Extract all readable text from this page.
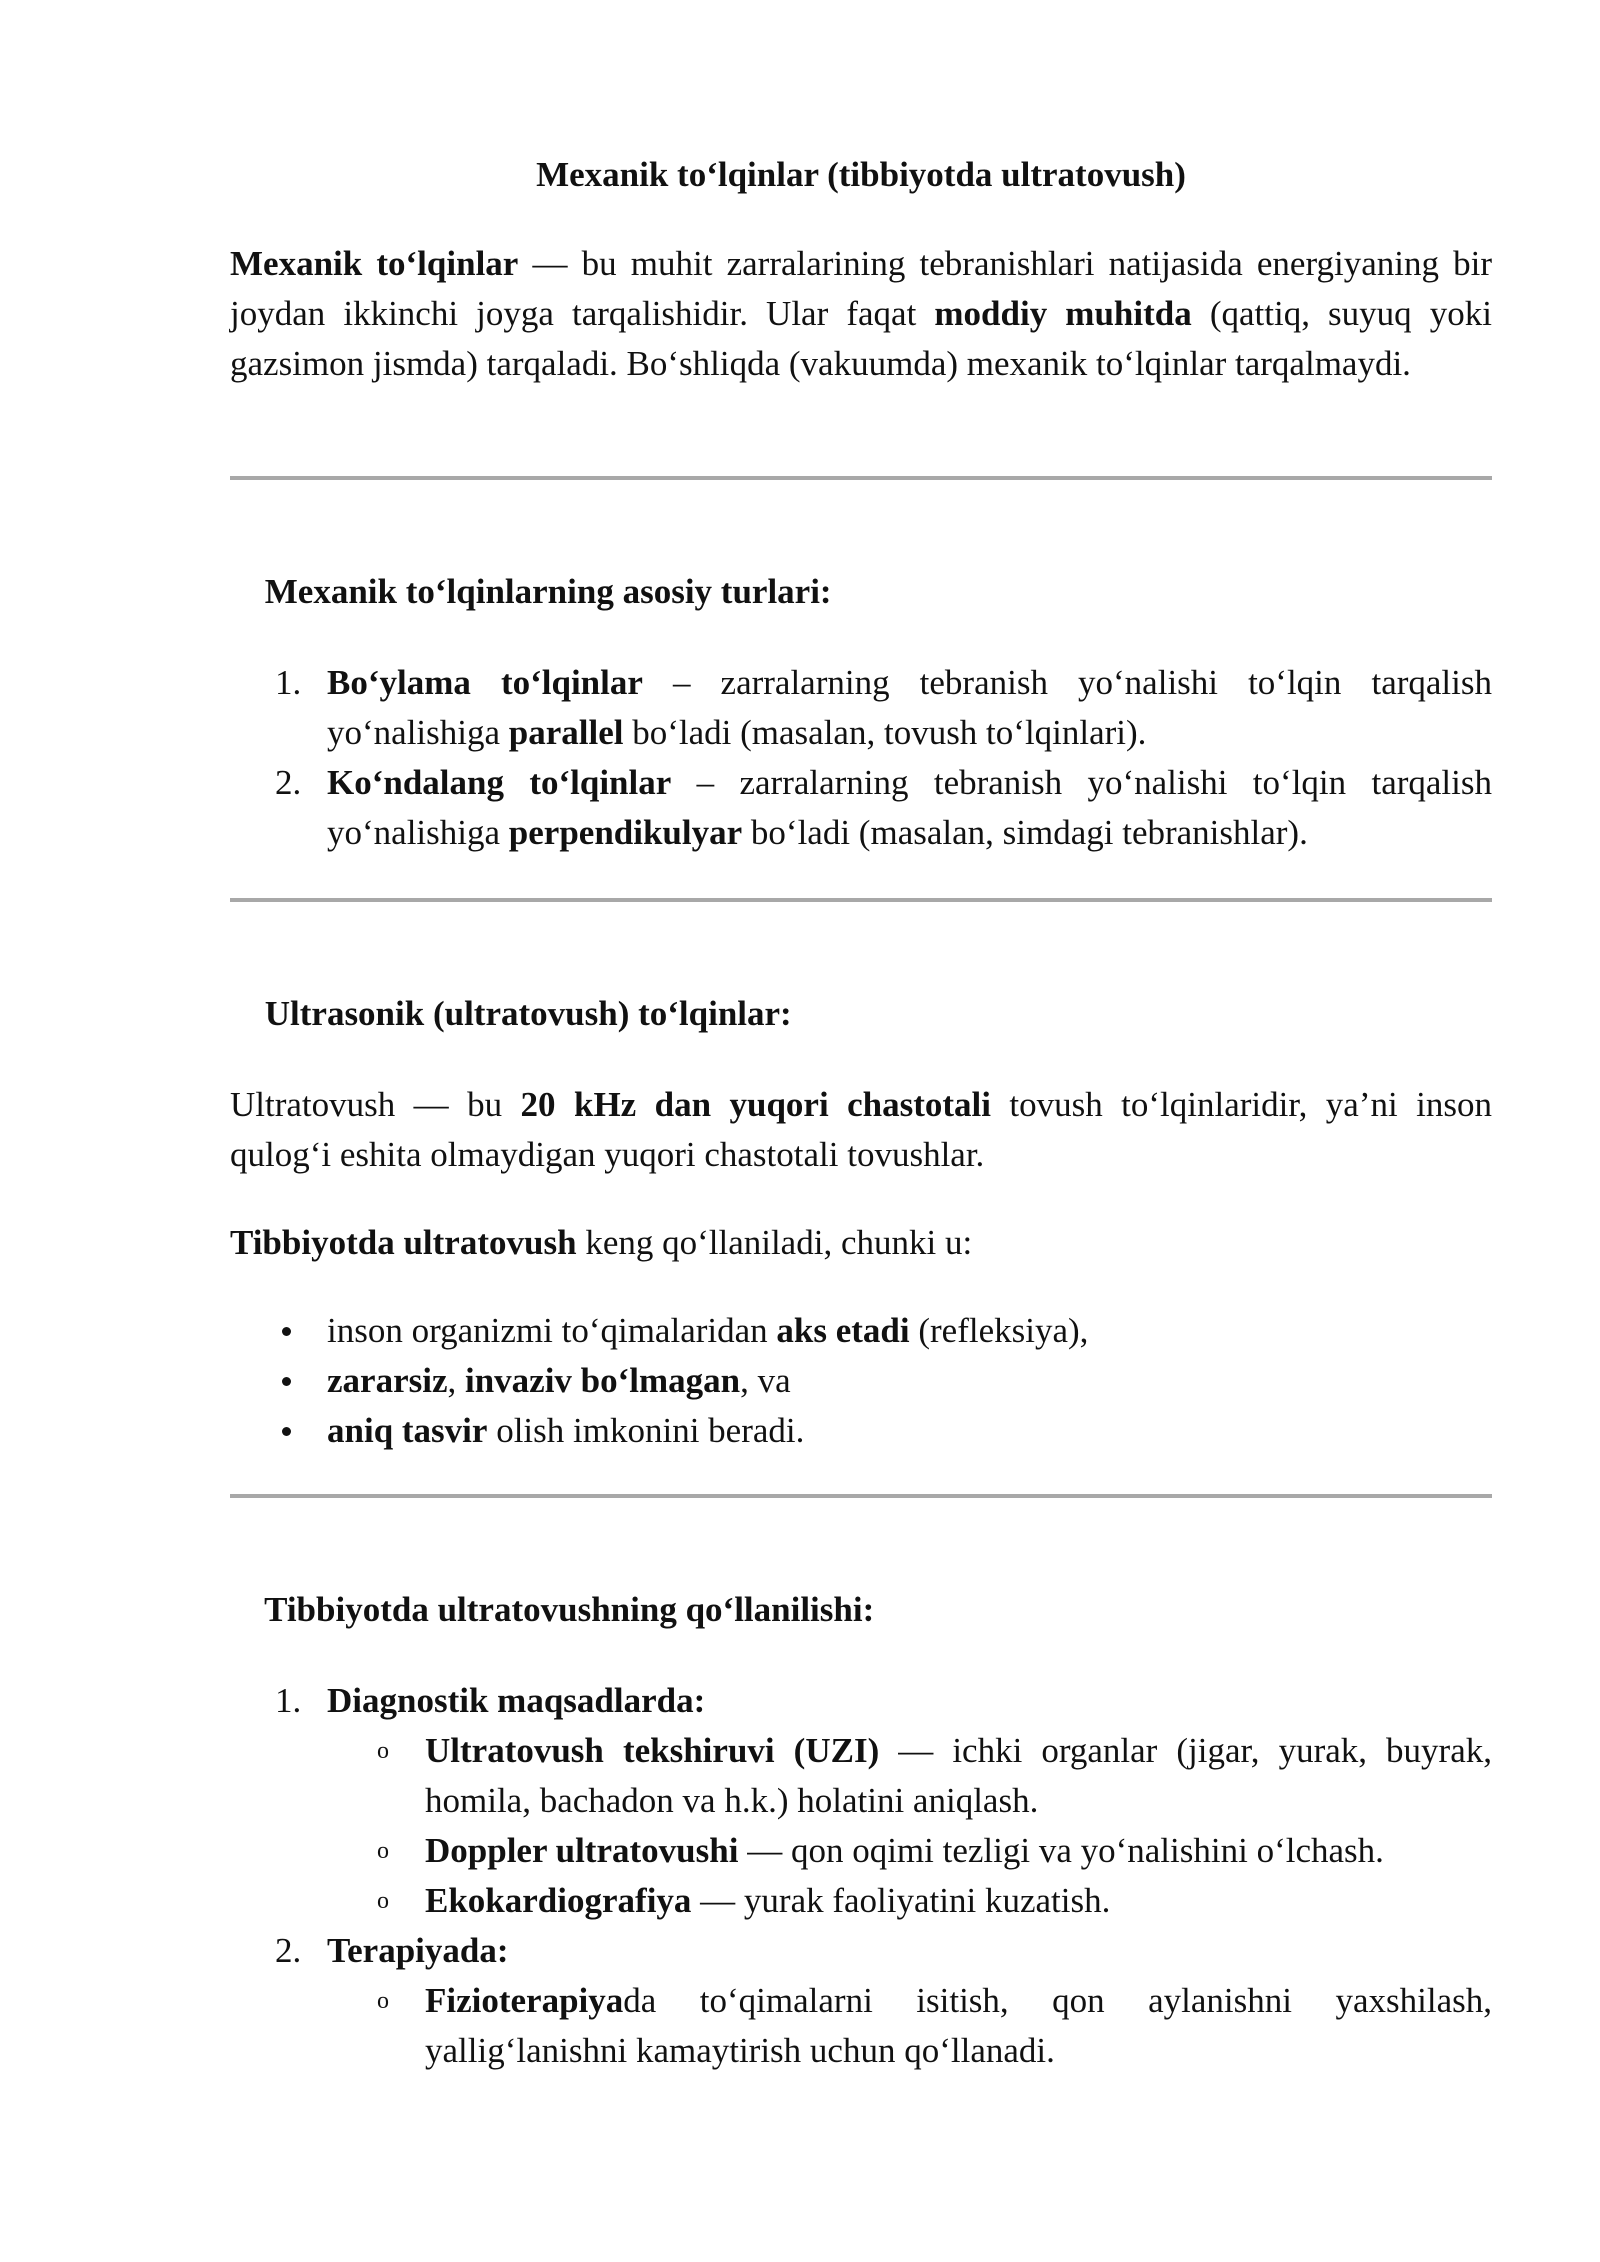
Mexanik to‘lqinlar (tibbiyotda ultratovush)
Mexanik to‘lqinlar — bu muhit zarralarining tebranishlari natijasida energiyaning bir joydan ikkinchi joyga tarqalishidir. Ular faqat moddiy muhitda (qattiq, suyuq yoki gazsimon jismda) tarqaladi. Bo‘shliqda (vakuumda) mexanik to‘lqinlar tarqalmaydi.
Mexanik to‘lqinlarning asosiy turlari:
1. Bo‘ylama to‘lqinlar – zarralarning tebranish yo‘nalishi to‘lqin tarqalish yo‘nalishiga parallel bo‘ladi (masalan, tovush to‘lqinlari).
2. Ko‘ndalang to‘lqinlar – zarralarning tebranish yo‘nalishi to‘lqin tarqalish yo‘nalishiga perpendikulyar bo‘ladi (masalan, simdagi tebranishlar).
Ultrasonik (ultratovush) to‘lqinlar:
Ultratovush — bu 20 kHz dan yuqori chastotali tovush to‘lqinlaridir, ya’ni inson qulog‘i eshita olmaydigan yuqori chastotali tovushlar.
Tibbiyotda ultratovush keng qo‘llaniladi, chunki u:
inson organizmi to‘qimalaridan aks etadi (refleksiya),
zararsiz, invaziv bo‘lmagan, va
aniq tasvir olish imkonini beradi.
Tibbiyotda ultratovushning qo‘llanilishi:
1. Diagnostik maqsadlarda:
o Ultratovush tekshiruvi (UZI) — ichki organlar (jigar, yurak, buyrak, homila, bachadon va h.k.) holatini aniqlash.
o Doppler ultratovushi — qon oqimi tezligi va yo‘nalishini o‘lchash.
o Ekokardiografiya — yurak faoliyatini kuzatish.
2. Terapiyada:
o Fizioterapiyada to‘qimalarni isitish, qon aylanishni yaxshilash, yallig‘lanishni kamaytirish uchun qo‘llanadi.
